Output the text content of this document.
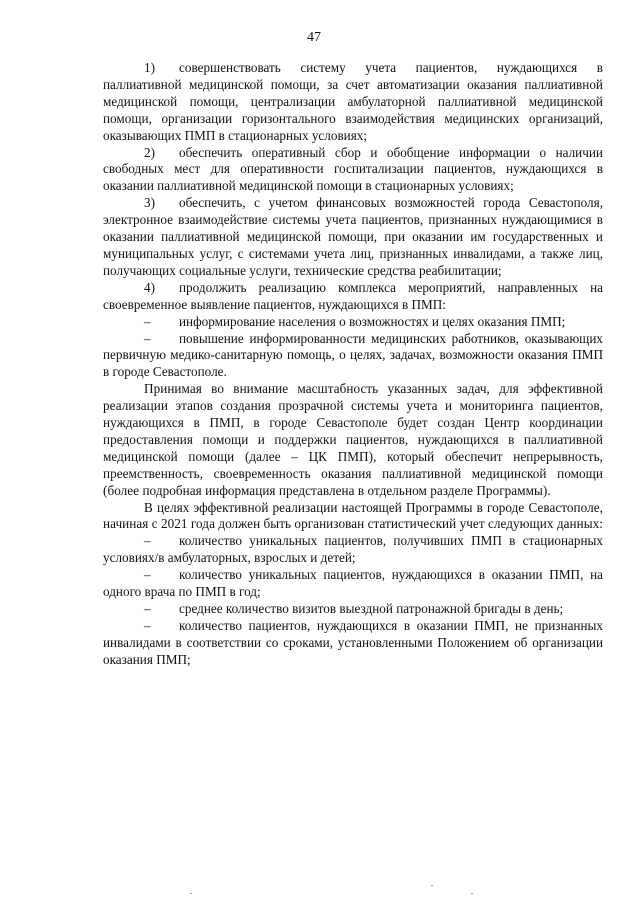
47

1) совершенствовать систему учета пациентов, нуждающихся в паллиативной медицинской помощи, за счет автоматизации оказания паллиативной медицинской помощи, централизации амбулаторной паллиативной медицинской помощи, организации горизонтального взаимодействия медицинских организаций, оказывающих ПМП в стационарных условиях;

2) обеспечить оперативный сбор и обобщение информации о наличии свободных мест для оперативности госпитализации пациентов, нуждающихся в оказании паллиативной медицинской помощи в стационарных условиях;

3) обеспечить, с учетом финансовых возможностей города Севастополя, электронное взаимодействие системы учета пациентов, признанных нуждающимися в оказании паллиативной медицинской помощи, при оказании им государственных и муниципальных услуг, с системами учета лиц, признанных инвалидами, а также лиц, получающих социальные услуги, технические средства реабилитации;

4) продолжить реализацию комплекса мероприятий, направленных на своевременное выявление пациентов, нуждающихся в ПМП:

– информирование населения о возможностях и целях оказания ПМП;

– повышение информированности медицинских работников, оказывающих первичную медико-санитарную помощь, о целях, задачах, возможности оказания ПМП в городе Севастополе.

Принимая во внимание масштабность указанных задач, для эффективной реализации этапов создания прозрачной системы учета и мониторинга пациентов, нуждающихся в ПМП, в городе Севастополе будет создан Центр координации предоставления помощи и поддержки пациентов, нуждающихся в паллиативной медицинской помощи (далее – ЦК ПМП), который обеспечит непрерывность, преемственность, своевременность оказания паллиативной медицинской помощи (более подробная информация представлена в отдельном разделе Программы).

В целях эффективной реализации настоящей Программы в городе Севастополе, начиная с 2021 года должен быть организован статистический учет следующих данных:

– количество уникальных пациентов, получивших ПМП в стационарных условиях/в амбулаторных, взрослых и детей;

– количество уникальных пациентов, нуждающихся в оказании ПМП, на одного врача по ПМП в год;

– среднее количество визитов выездной патронажной бригады в день;

– количество пациентов, нуждающихся в оказании ПМП, не признанных инвалидами в соответствии со сроками, установленными Положением об организации оказания ПМП;
